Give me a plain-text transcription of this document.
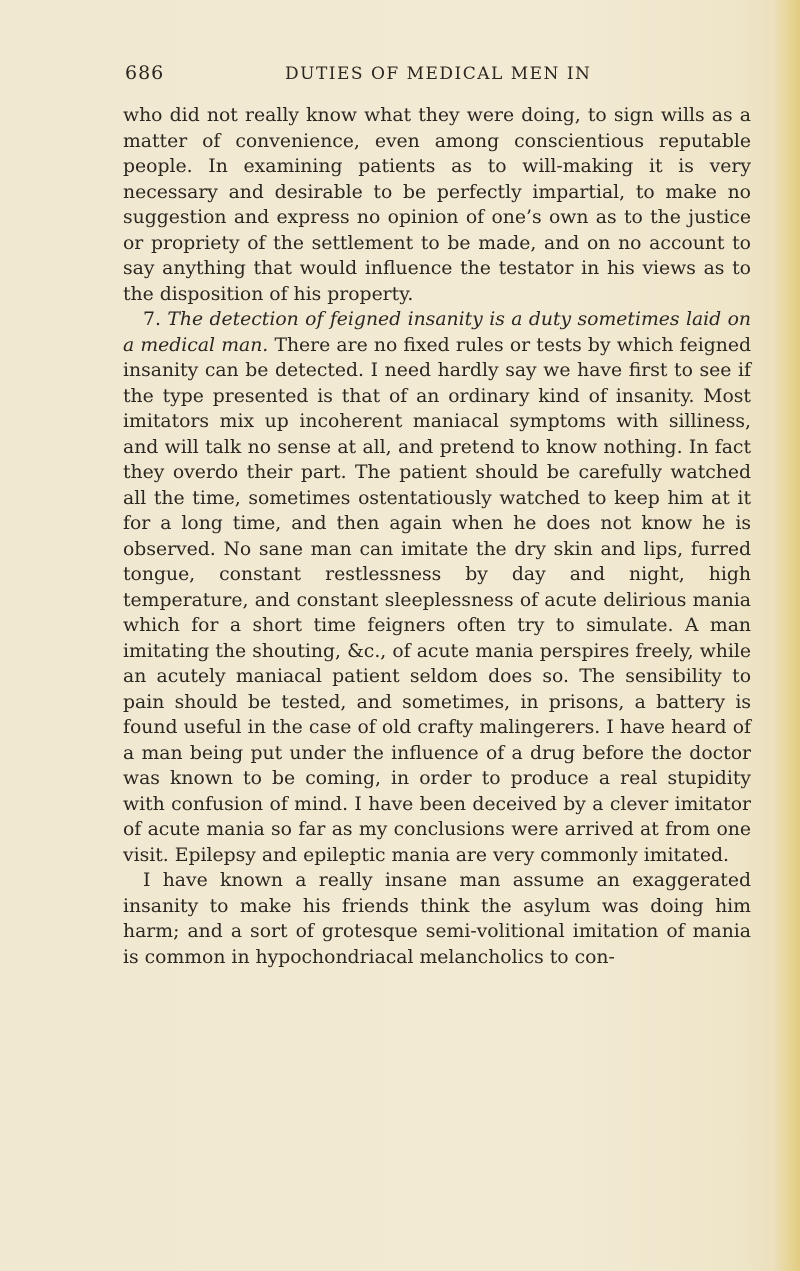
686	DUTIES OF MEDICAL MEN IN

who did not really know what they were doing, to sign wills as a matter of convenience, even among conscientious reputable people. In examining patients as to will-making it is very necessary and desirable to be perfectly impartial, to make no suggestion and express no opinion of one’s own as to the justice or propriety of the settlement to be made, and on no account to say anything that would influence the testator in his views as to the disposition of his property.

7. The detection of feigned insanity is a duty sometimes laid on a medical man. There are no fixed rules or tests by which feigned insanity can be detected. I need hardly say we have first to see if the type presented is that of an ordinary kind of insanity. Most imitators mix up incoherent maniacal symptoms with silliness, and will talk no sense at all, and pretend to know nothing. In fact they overdo their part. The patient should be carefully watched all the time, sometimes ostentatiously watched to keep him at it for a long time, and then again when he does not know he is observed. No sane man can imitate the dry skin and lips, furred tongue, constant restlessness by day and night, high temperature, and constant sleeplessness of acute delirious mania which for a short time feigners often try to simulate. A man imitating the shouting, &c., of acute mania perspires freely, while an acutely maniacal patient seldom does so. The sensibility to pain should be tested, and sometimes, in prisons, a battery is found useful in the case of old crafty malingerers. I have heard of a man being put under the influence of a drug before the doctor was known to be coming, in order to produce a real stupidity with confusion of mind. I have been deceived by a clever imitator of acute mania so far as my conclusions were arrived at from one visit. Epilepsy and epileptic mania are very commonly imitated.

I have known a really insane man assume an exaggerated insanity to make his friends think the asylum was doing him harm; and a sort of grotesque semi-volitional imitation of mania is common in hypochondriacal melancholics to con-
